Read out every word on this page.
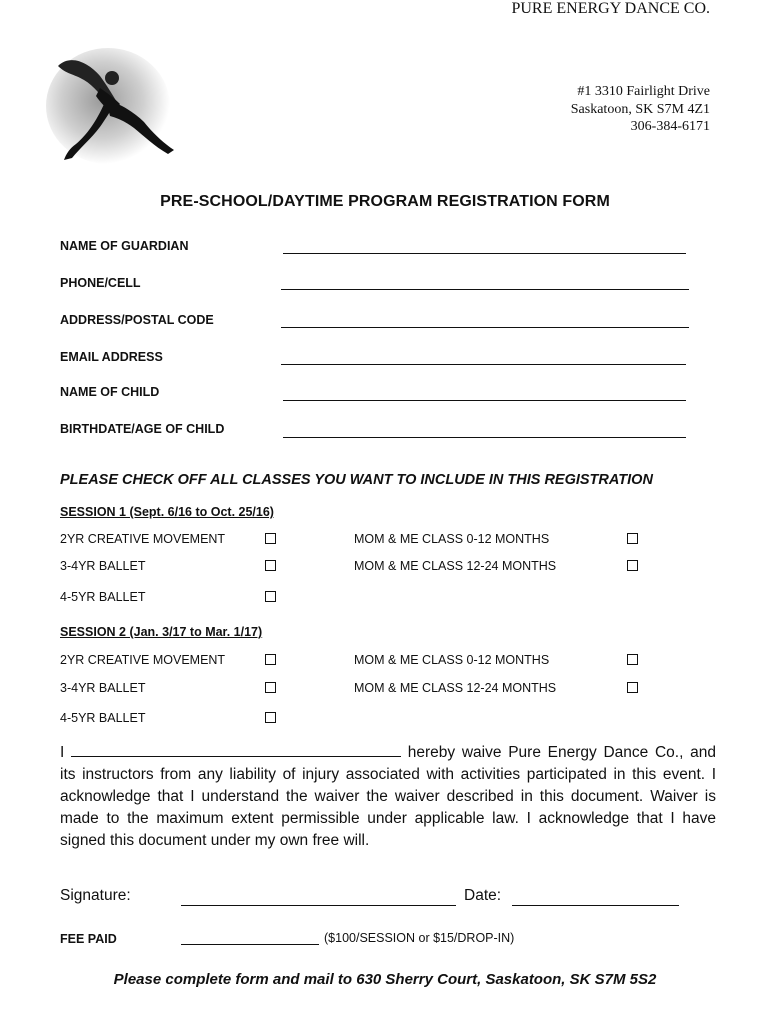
PURE ENERGY DANCE CO.
#1 3310 Fairlight Drive
Saskatoon, SK S7M 4Z1
306-384-6171
PRE-SCHOOL/DAYTIME PROGRAM REGISTRATION FORM
NAME OF GUARDIAN
PHONE/CELL
ADDRESS/POSTAL CODE
EMAIL ADDRESS
NAME OF CHILD
BIRTHDATE/AGE OF CHILD
PLEASE CHECK OFF ALL CLASSES YOU WANT TO INCLUDE IN THIS REGISTRATION
SESSION 1 (Sept. 6/16 to Oct. 25/16)
2YR CREATIVE MOVEMENT	MOM & ME CLASS 0-12 MONTHS
3-4YR BALLET	MOM & ME CLASS 12-24 MONTHS
4-5YR BALLET
SESSION 2 (Jan. 3/17 to Mar. 1/17)
2YR CREATIVE MOVEMENT	MOM & ME CLASS 0-12 MONTHS
3-4YR BALLET	MOM & ME CLASS 12-24 MONTHS
4-5YR BALLET
I	hereby waive Pure Energy Dance Co., and its instructors from any liability of injury associated with activities participated in this event. I acknowledge that I understand the waiver the waiver described in this document. Waiver is made to the maximum extent permissible under applicable law. I acknowledge that I have signed this document under my own free will.
Signature:	Date:
FEE PAID	($100/SESSION or $15/DROP-IN)
Please complete form and mail to 630 Sherry Court, Saskatoon, SK S7M 5S2
